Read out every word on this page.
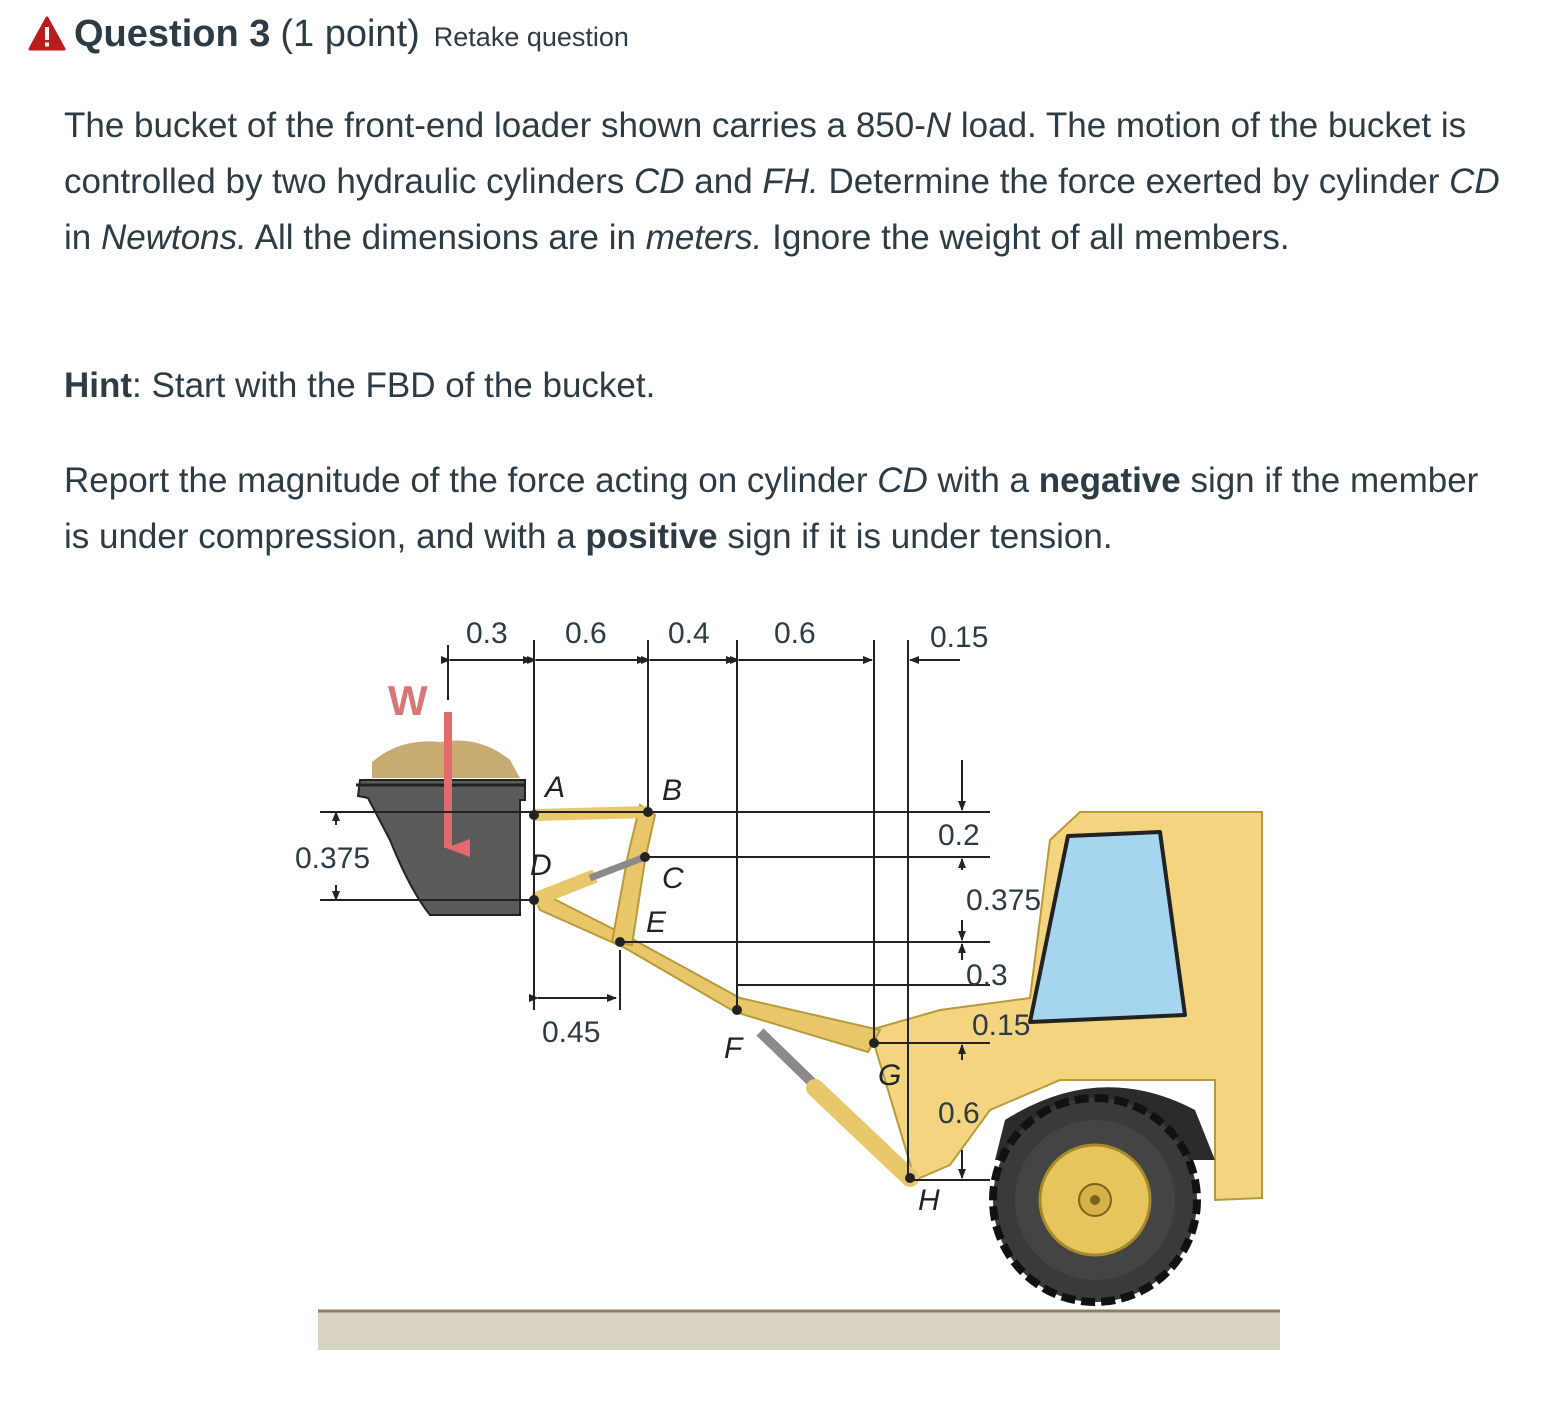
Question 3 (1 point) Retake question
The bucket of the front-end loader shown carries a 850-N load. The motion of the bucket is controlled by two hydraulic cylinders CD and FH. Determine the force exerted by cylinder CD in Newtons. All the dimensions are in meters. Ignore the weight of all members.
Hint: Start with the FBD of the bucket.
Report the magnitude of the force acting on cylinder CD with a negative sign if the member is under compression, and with a positive sign if it is under tension.
W
A	B
C
D
E
F
G
H
0.3 0.6 0.4 0.6	0.15
0.375
0.45
0.2
0.375
0.3
0.15
0.6
